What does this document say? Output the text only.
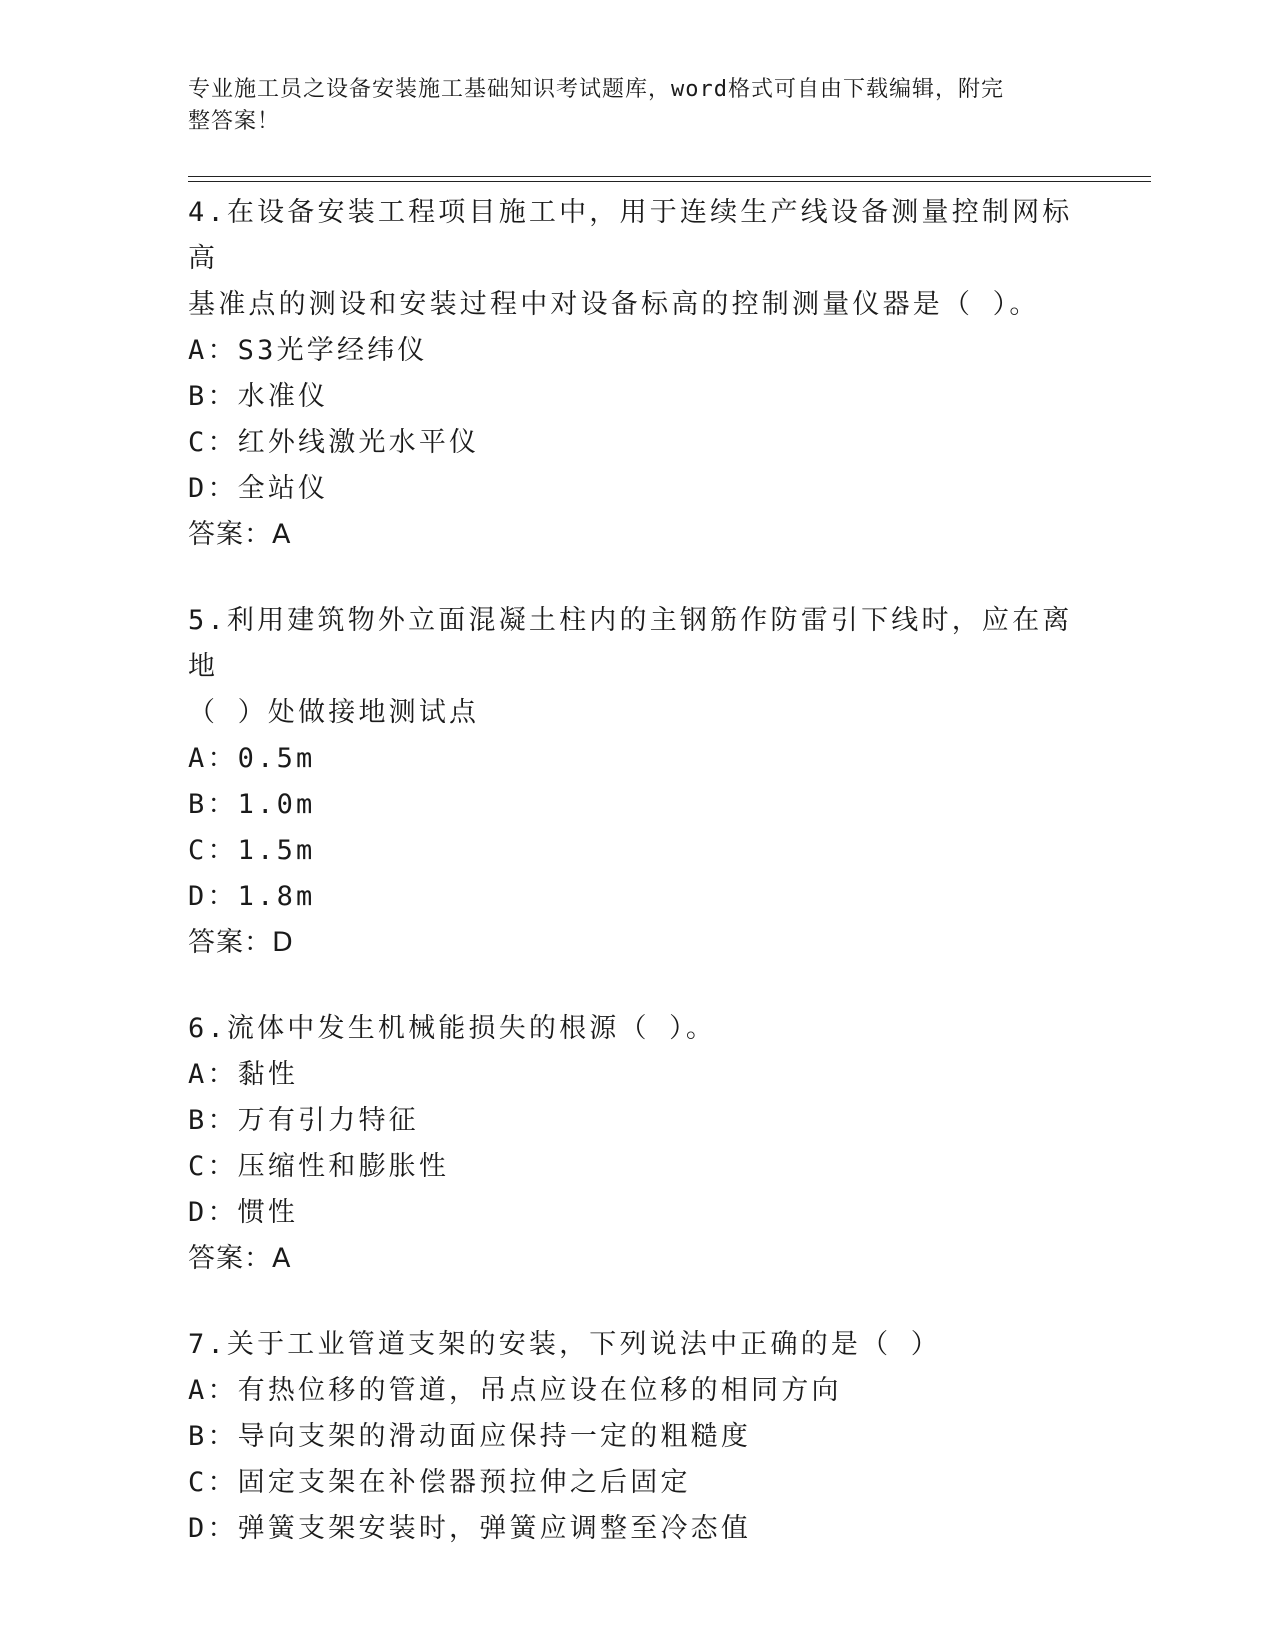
专业施工员之设备安装施工基础知识考试题库，word格式可自由下载编辑，附完
整答案！

4.在设备安装工程项目施工中，用于连续生产线设备测量控制网标高
基准点的测设和安装过程中对设备标高的控制测量仪器是（ ）。

A：S3光学经纬仪

B：水准仪

C：红外线激光水平仪

D：全站仪

答案：A

5.利用建筑物外立面混凝土柱内的主钢筋作防雷引下线时，应在离地
（ ）处做接地测试点

A：0.5m

B：1.0m

C：1.5m

D：1.8m

答案：D

6.流体中发生机械能损失的根源（ ）。

A：黏性

B：万有引力特征

C：压缩性和膨胀性

D：惯性

答案：A

7.关于工业管道支架的安装，下列说法中正确的是（ ）

A：有热位移的管道，吊点应设在位移的相同方向

B：导向支架的滑动面应保持一定的粗糙度

C：固定支架在补偿器预拉伸之后固定

D：弹簧支架安装时，弹簧应调整至冷态值
